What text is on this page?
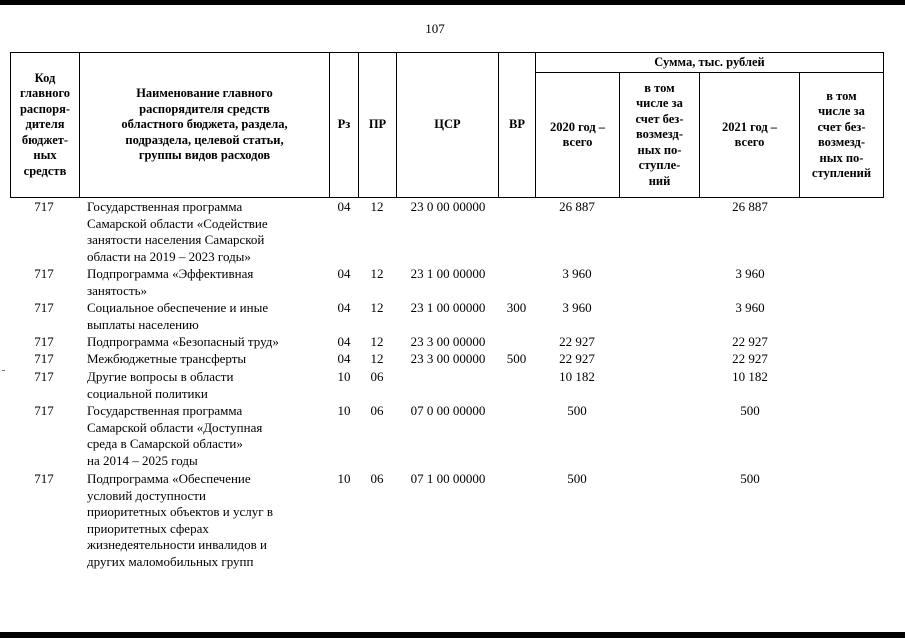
107
Код
главного
распоря-
дителя
бюджет-
ных
средств
Наименование главного
распорядителя средств
областного бюджета, раздела,
подраздела, целевой статьи,
группы видов расходов
Рз	ПР	ЦСР	ВР
Сумма, тыс. рублей
2020 год –
всего
в том
числе за
счет без-
возмезд-
ных по-
ступле-
ний
2021 год –
всего
в том
числе за
счет без-
возмезд-
ных по-
ступлений
717	Государственная программа
Самарской области «Содействие
занятости населения Самарской
области на 2019 – 2023 годы»
04	12	23 0 00 00000	26 887	26 887
717	Подпрограмма «Эффективная
занятость»
04	12	23 1 00 00000	3 960	3 960
717	Социальное обеспечение и иные
выплаты населению
04	12	23 1 00 00000	300	3 960	3 960
717	Подпрограмма «Безопасный труд»	04	12	23 3 00 00000	22 927	22 927
717	Межбюджетные трансферты	04	12	23 3 00 00000	500	22 927	22 927
717	Другие вопросы в области
социальной политики
10	06	10 182	10 182
717	Государственная программа
Самарской области «Доступная
среда в Самарской области»
на 2014 – 2025 годы
10	06	07 0 00 00000	500	500
717	Подпрограмма «Обеспечение
условий доступности
приоритетных объектов и услуг в
приоритетных сферах
жизнедеятельности инвалидов и
других маломобильных групп
10	06	07 1 00 00000	500	500
